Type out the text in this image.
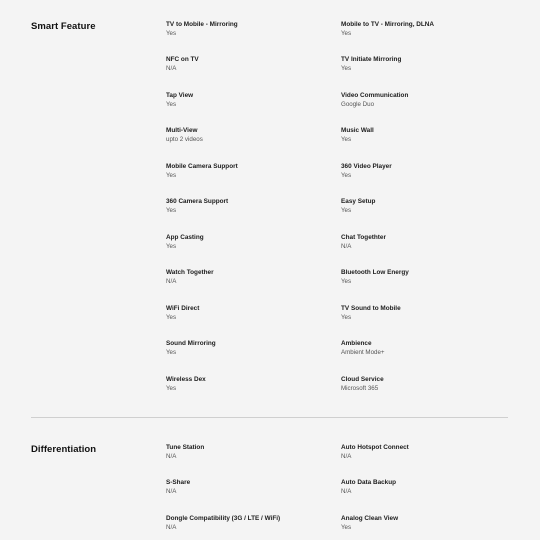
Smart Feature	TV to Mobile - Mirroring
Yes
Mobile to TV - Mirroring, DLNA
Yes
NFC on TV
N/A
TV Initiate Mirroring
Yes
Tap View
Yes
Video Communication
Google Duo
Multi-View
upto 2 videos
Music Wall
Yes
Mobile Camera Support
Yes
360 Video Player
Yes
360 Camera Support
Yes
Easy Setup
Yes
App Casting
Yes
Chat Togethter
N/A
Watch Together
N/A
Bluetooth Low Energy
Yes
WiFi Direct
Yes
TV Sound to Mobile
Yes
Sound Mirroring
Yes
Ambience
Ambient Mode+
Wireless Dex
Yes
Cloud Service
Microsoft 365
Differentiation	Tune Station
N/A
Auto Hotspot Connect
N/A
S-Share
N/A
Auto Data Backup
N/A
Dongle Compatibility (3G / LTE / WiFi)
N/A
Analog Clean View
Yes
